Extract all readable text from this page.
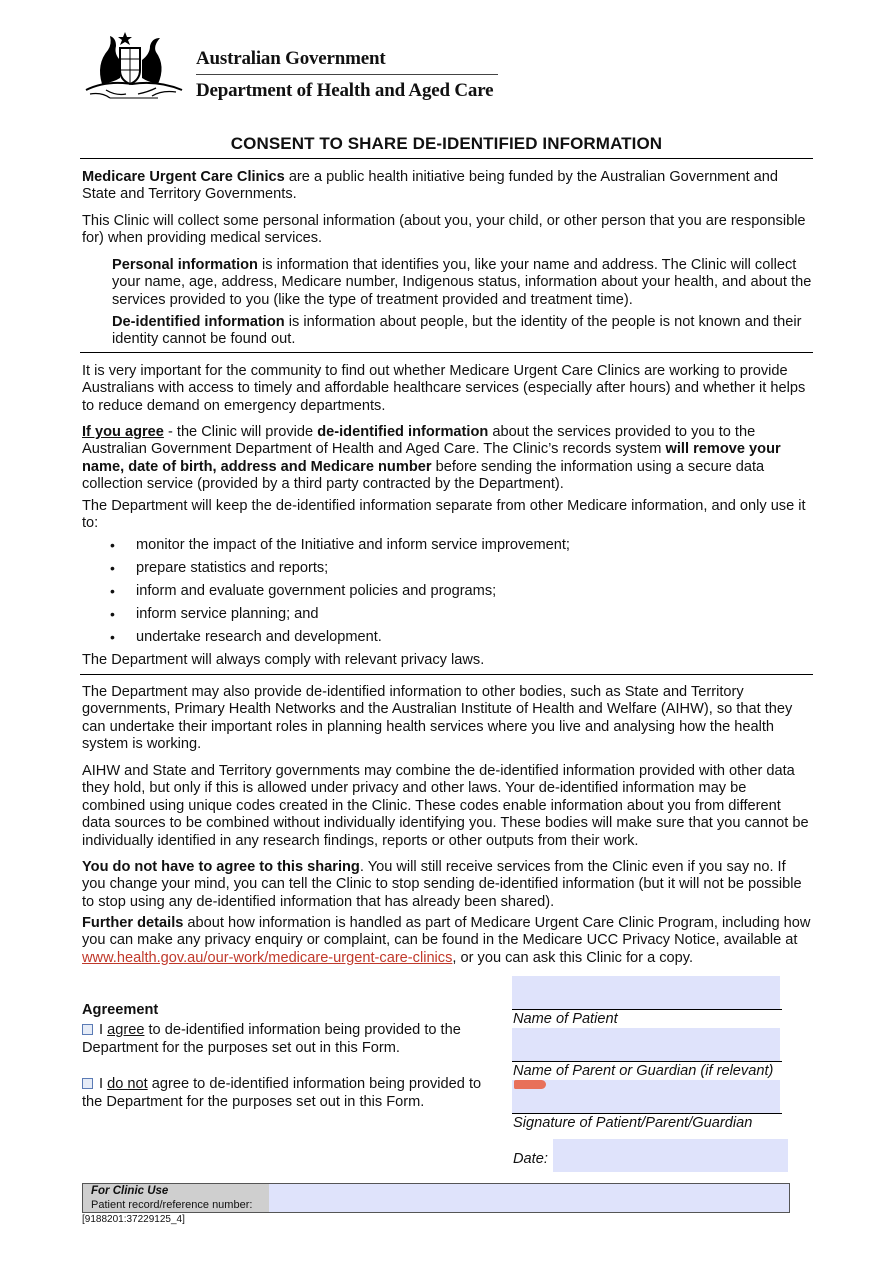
Australian Government
Department of Health and Aged Care
CONSENT TO SHARE DE-IDENTIFIED INFORMATION
Medicare Urgent Care Clinics are a public health initiative being funded by the Australian Government and State and Territory Governments.
This Clinic will collect some personal information (about you, your child, or other person that you are responsible for) when providing medical services.
Personal information is information that identifies you, like your name and address. The Clinic will collect your name, age, address, Medicare number, Indigenous status, information about your health, and about the services provided to you (like the type of treatment provided and treatment time).
De-identified information is information about people, but the identity of the people is not known and their identity cannot be found out.
It is very important for the community to find out whether Medicare Urgent Care Clinics are working to provide Australians with access to timely and affordable healthcare services (especially after hours) and whether it helps to reduce demand on emergency departments.
If you agree - the Clinic will provide de-identified information about the services provided to you to the Australian Government Department of Health and Aged Care. The Clinic’s records system will remove your name, date of birth, address and Medicare number before sending the information using a secure data collection service (provided by a third party contracted by the Department).
The Department will keep the de-identified information separate from other Medicare information, and only use it to:
• monitor the impact of the Initiative and inform service improvement;
• prepare statistics and reports;
• inform and evaluate government policies and programs;
• inform service planning; and
• undertake research and development.
The Department will always comply with relevant privacy laws.
The Department may also provide de-identified information to other bodies, such as State and Territory governments, Primary Health Networks and the Australian Institute of Health and Welfare (AIHW), so that they can undertake their important roles in planning health services where you live and analysing how the health system is working.
AIHW and State and Territory governments may combine the de-identified information provided with other data they hold, but only if this is allowed under privacy and other laws. Your de-identified information may be combined using unique codes created in the Clinic. These codes enable information about you from different data sources to be combined without individually identifying you. These bodies will make sure that you cannot be individually identified in any research findings, reports or other outputs from their work.
You do not have to agree to this sharing. You will still receive services from the Clinic even if you say no. If you change your mind, you can tell the Clinic to stop sending de-identified information (but it will not be possible to stop using any de-identified information that has already been shared).
Further details about how information is handled as part of Medicare Urgent Care Clinic Program, including how you can make any privacy enquiry or complaint, can be found in the Medicare UCC Privacy Notice, available at www.health.gov.au/our-work/medicare-urgent-care-clinics, or you can ask this Clinic for a copy.
Agreement
I agree to de-identified information being provided to the Department for the purposes set out in this Form.
I do not agree to de-identified information being provided to the Department for the purposes set out in this Form.
Name of Patient
Name of Parent or Guardian (if relevant)
Signature of Patient/Parent/Guardian
Date:
For Clinic Use
Patient record/reference number:
[9188201:37229125_4]
